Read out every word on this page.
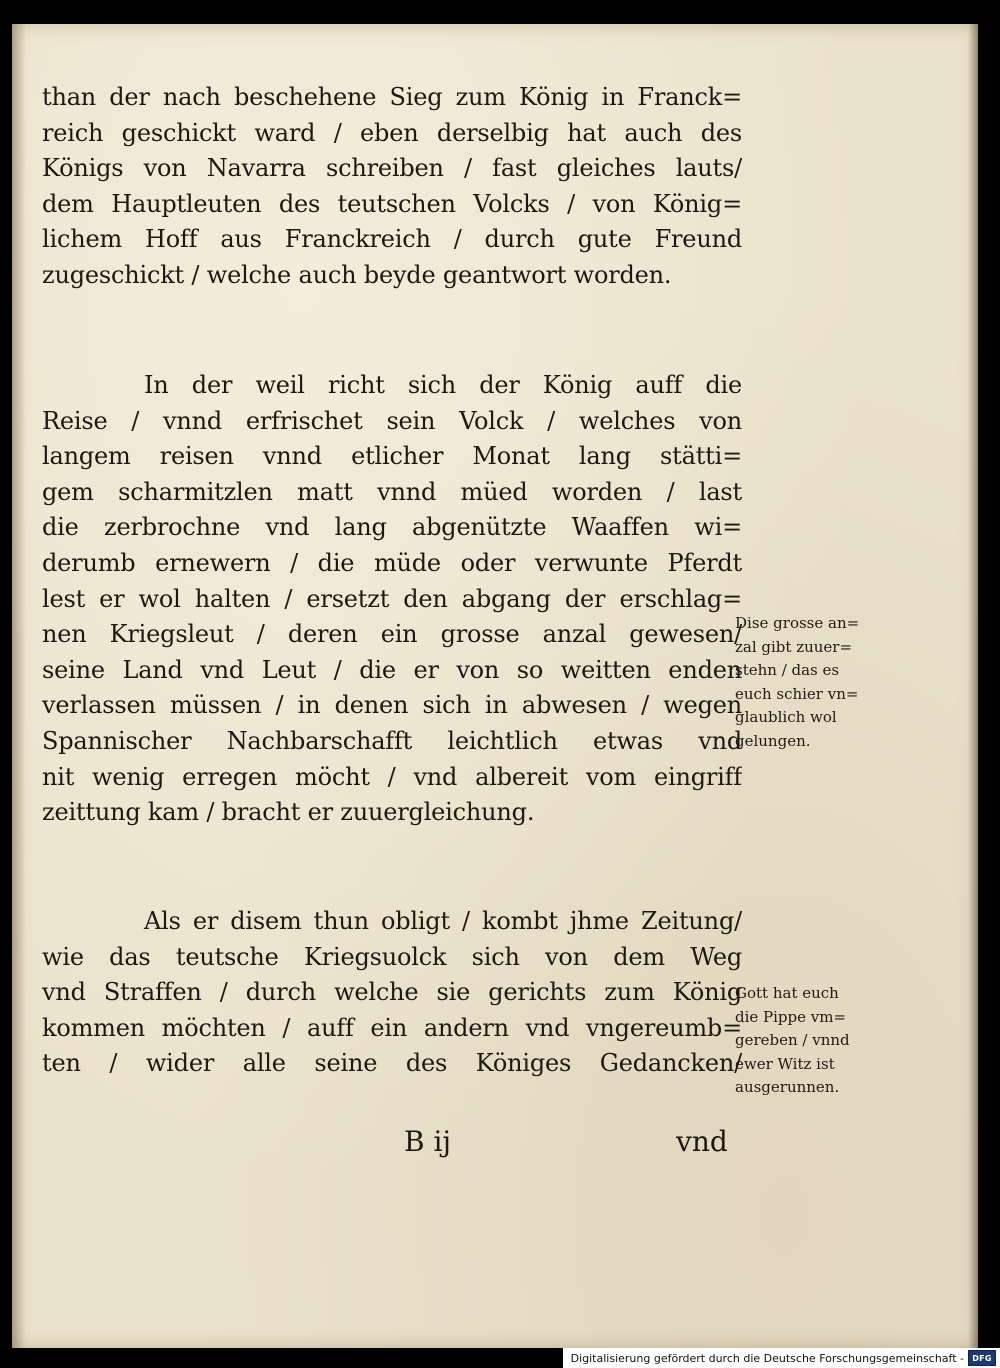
than der nach beschehene Sieg zum König in Franck=
reich geschickt ward / eben derselbig hat auch des
Königs von Navarra schreiben / fast gleiches lauts/
dem Hauptleuten des teutschen Volcks / von König=
lichem Hoff aus Franckreich / durch gute Freund
zugeschickt / welche auch beyde geantwort worden.
In der weil richt sich der König auff die
Reise / vnnd erfrischet sein Volck / welches von
langem reisen vnnd etlicher Monat lang stätti=
gem scharmitzlen matt vnnd müed worden / last
die zerbrochne vnd lang abgenützte Waaffen wi=
derumb ernewern / die müde oder verwunte Pferdt
lest er wol halten / ersetzt den abgang der erschlag=
nen Kriegsleut / deren ein grosse anzal gewesen/
seine Land vnd Leut / die er von so weitten enden
verlassen müssen / in denen sich in abwesen / wegen
Spannischer Nachbarschafft leichtlich etwas vnd
nit wenig erregen möcht / vnd albereit vom eingriff
zeittung kam / bracht er zuuergleichung.
Als er disem thun obligt / kombt jhme Zeitung/
wie das teutsche Kriegsuolck sich von dem Weg
vnd Straffen / durch welche sie gerichts zum König
kommen möchten / auff ein andern vnd vngereumb=
ten / wider alle seine des Königes Gedancken/
Dise grosse an=
zal gibt zuuer=
stehn / das es
euch schier vn=
glaublich wol
gelungen.
Gott hat euch
die Pippe vm=
gereben / vnnd
ewer Witz ist
ausgerunnen.
B ij	vnd
Digitalisierung gefördert durch die Deutsche Forschungsgemeinschaft - DFG
